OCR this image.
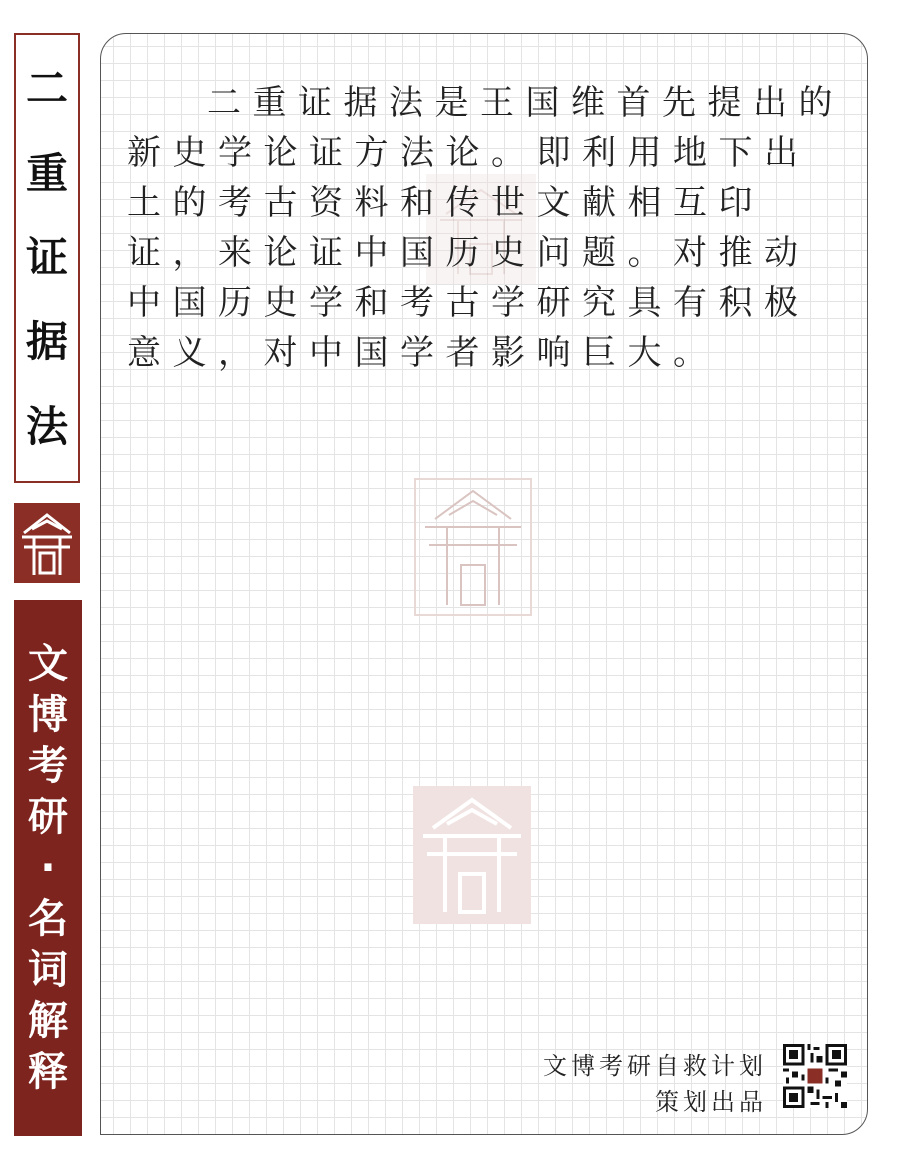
二
重
证
据
法
文
博
考
研
·
名
词
解
释

二重证据法是王国维首先提出的新史学论证方法论。即利用地下出土的考古资料和传世文献相互印证，来论证中国历史问题。对推动中国历史学和考古学研究具有积极意义，对中国学者影响巨大。

文博考研自救计划
策划出品
